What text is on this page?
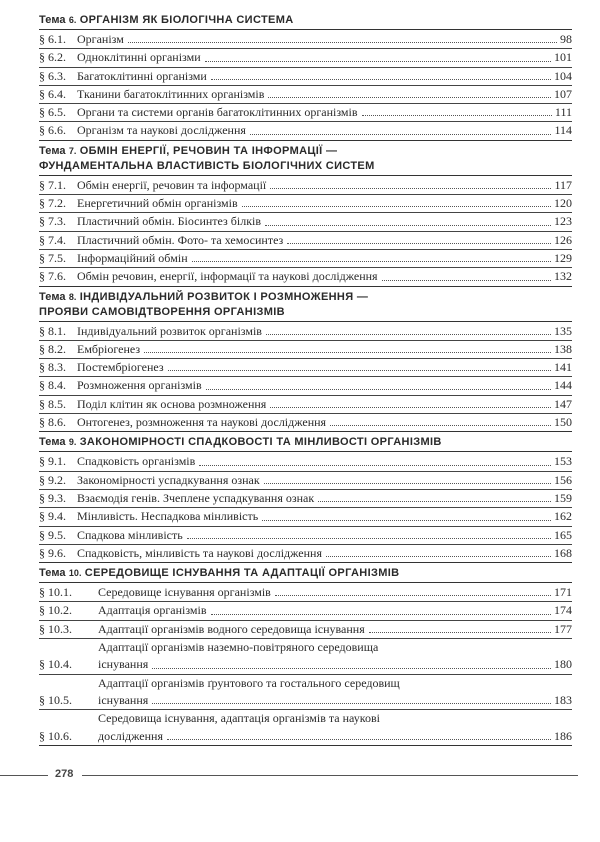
Тема 6. ОРГАНІЗМ ЯК БІОЛОГІЧНА СИСТЕМА
§ 6.1. Організм	98
§ 6.2. Одноклітинні організми	101
§ 6.3. Багатоклітинні організми	104
§ 6.4. Тканини багатоклітинних організмів	107
§ 6.5. Органи та системи органів багатоклітинних організмів	111
§ 6.6. Організм та наукові дослідження	114
Тема 7. ОБМІН ЕНЕРГІЇ, РЕЧОВИН ТА ІНФОРМАЦІЇ —
ФУНДАМЕНТАЛЬНА ВЛАСТИВІСТЬ БІОЛОГІЧНИХ СИСТЕМ
§ 7.1. Обмін енергії, речовин та інформації	117
§ 7.2. Енергетичний обмін організмів	120
§ 7.3. Пластичний обмін. Біосинтез білків	123
§ 7.4. Пластичний обмін. Фото- та хемосинтез	126
§ 7.5. Інформаційний обмін	129
§ 7.6. Обмін речовин, енергії, інформації та наукові дослідження	132
Тема 8. ІНДИВІДУАЛЬНИЙ РОЗВИТОК І РОЗМНОЖЕННЯ —
ПРОЯВИ САМОВІДТВОРЕННЯ ОРГАНІЗМІВ
§ 8.1. Індивідуальний розвиток організмів	135
§ 8.2. Ембріогенез	138
§ 8.3. Постембріогенез	141
§ 8.4. Розмноження організмів	144
§ 8.5. Поділ клітин як основа розмноження	147
§ 8.6. Онтогенез, розмноження та наукові дослідження	150
Тема 9. ЗАКОНОМІРНОСТІ СПАДКОВОСТІ ТА МІНЛИВОСТІ ОРГАНІЗМІВ
§ 9.1. Спадковість організмів	153
§ 9.2. Закономірності успадкування ознак	156
§ 9.3. Взаємодія генів. Зчеплене успадкування ознак	159
§ 9.4. Мінливість. Неспадкова мінливість	162
§ 9.5. Спадкова мінливість	165
§ 9.6. Спадковість, мінливість та наукові дослідження	168
Тема 10. СЕРЕДОВИЩЕ ІСНУВАННЯ ТА АДАПТАЦІЇ ОРГАНІЗМІВ
§ 10.1.	Середовище існування організмів	171
§ 10.2.	Адаптація організмів	174
§ 10.3.	Адаптації організмів водного середовища існування	177
§ 10.4.
Адаптації організмів наземно-повітряного середовища
існування	180
§ 10.5.
Адаптації організмів ґрунтового та гостального середовищ
існування	183
§ 10.6.
Середовища існування, адаптація організмів та наукові
дослідження	186
278
